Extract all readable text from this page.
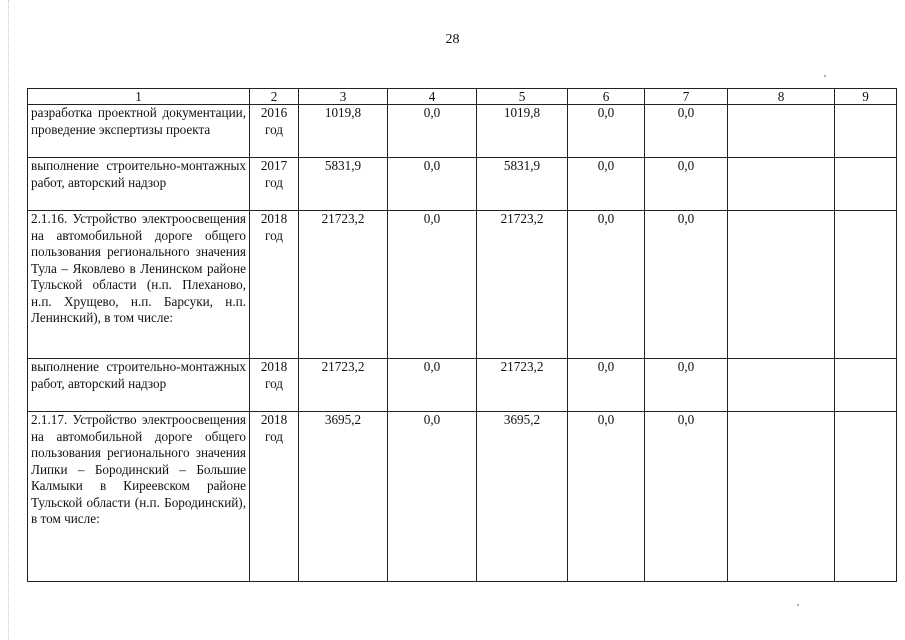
28
1	2	3	4	5	6	7	8	9
разработка проектной документации, проведение экспертизы проекта	2016 год	1019,8	0,0	1019,8	0,0	0,0		
выполнение строительно-монтажных работ, авторский надзор	2017 год	5831,9	0,0	5831,9	0,0	0,0		
2.1.16. Устройство электроосвещения на автомобильной дороге общего пользования регионального значения Тула – Яковлево в Ленинском районе Тульской области (н.п. Плеханово, н.п. Хрущево, н.п. Барсуки, н.п. Ленинский), в том числе:	2018 год	21723,2	0,0	21723,2	0,0	0,0		
выполнение строительно-монтажных работ, авторский надзор	2018 год	21723,2	0,0	21723,2	0,0	0,0		
2.1.17. Устройство электроосвещения на автомобильной дороге общего пользования регионального значения Липки – Бородинский – Большие Калмыки в Киреевском районе Тульской области (н.п. Бородинский), в том числе:	2018 год	3695,2	0,0	3695,2	0,0	0,0		
